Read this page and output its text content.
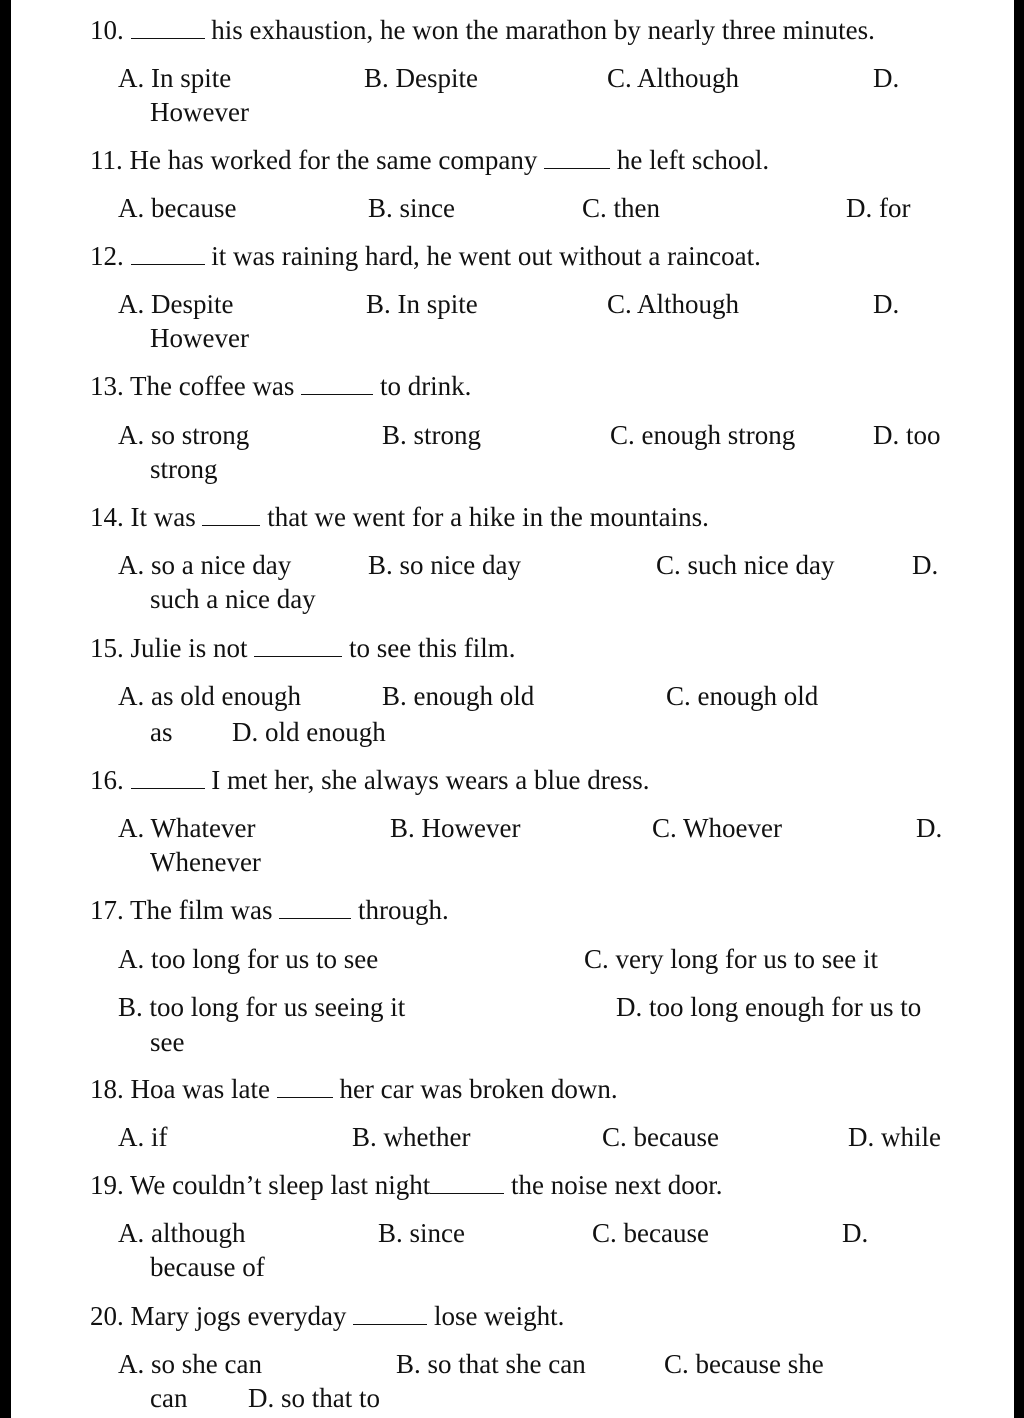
10.	his exhaustion, he won the marathon by nearly three minutes.
A. In spite	B. Despite	C. Although	D.
However
11. He has worked for the same company	he left school.
A. because	B. since	C. then	D. for
12.	it was raining hard, he went out without a raincoat.
A. Despite	B. In spite	C. Although	D.
However
13. The coffee was	to drink.
A. so strong	B. strong	C. enough strong	D. too
strong
14. It was	that we went for a hike in the mountains.
A. so a nice day	B. so nice day	C. such nice day	D.
such a nice day
15. Julie is not	to see this film.
A. as old enough	B. enough old	C. enough old
as D. old enough
16.	I met her, she always wears a blue dress.
A. Whatever	B. However	C. Whoever	D.
Whenever
17. The film was	through.
A. too long for us to see	C. very long for us to see it
B. too long for us seeing it	D. too long enough for us to
see
18. Hoa was late	her car was broken down.
A. if	B. whether	C. because	D. while
19. We couldn’t sleep last night	the noise next door.
A. although	B. since	C. because	D.
because of
20. Mary jogs everyday	lose weight.
A. so she can	B. so that she can	C. because she
can D. so that to
